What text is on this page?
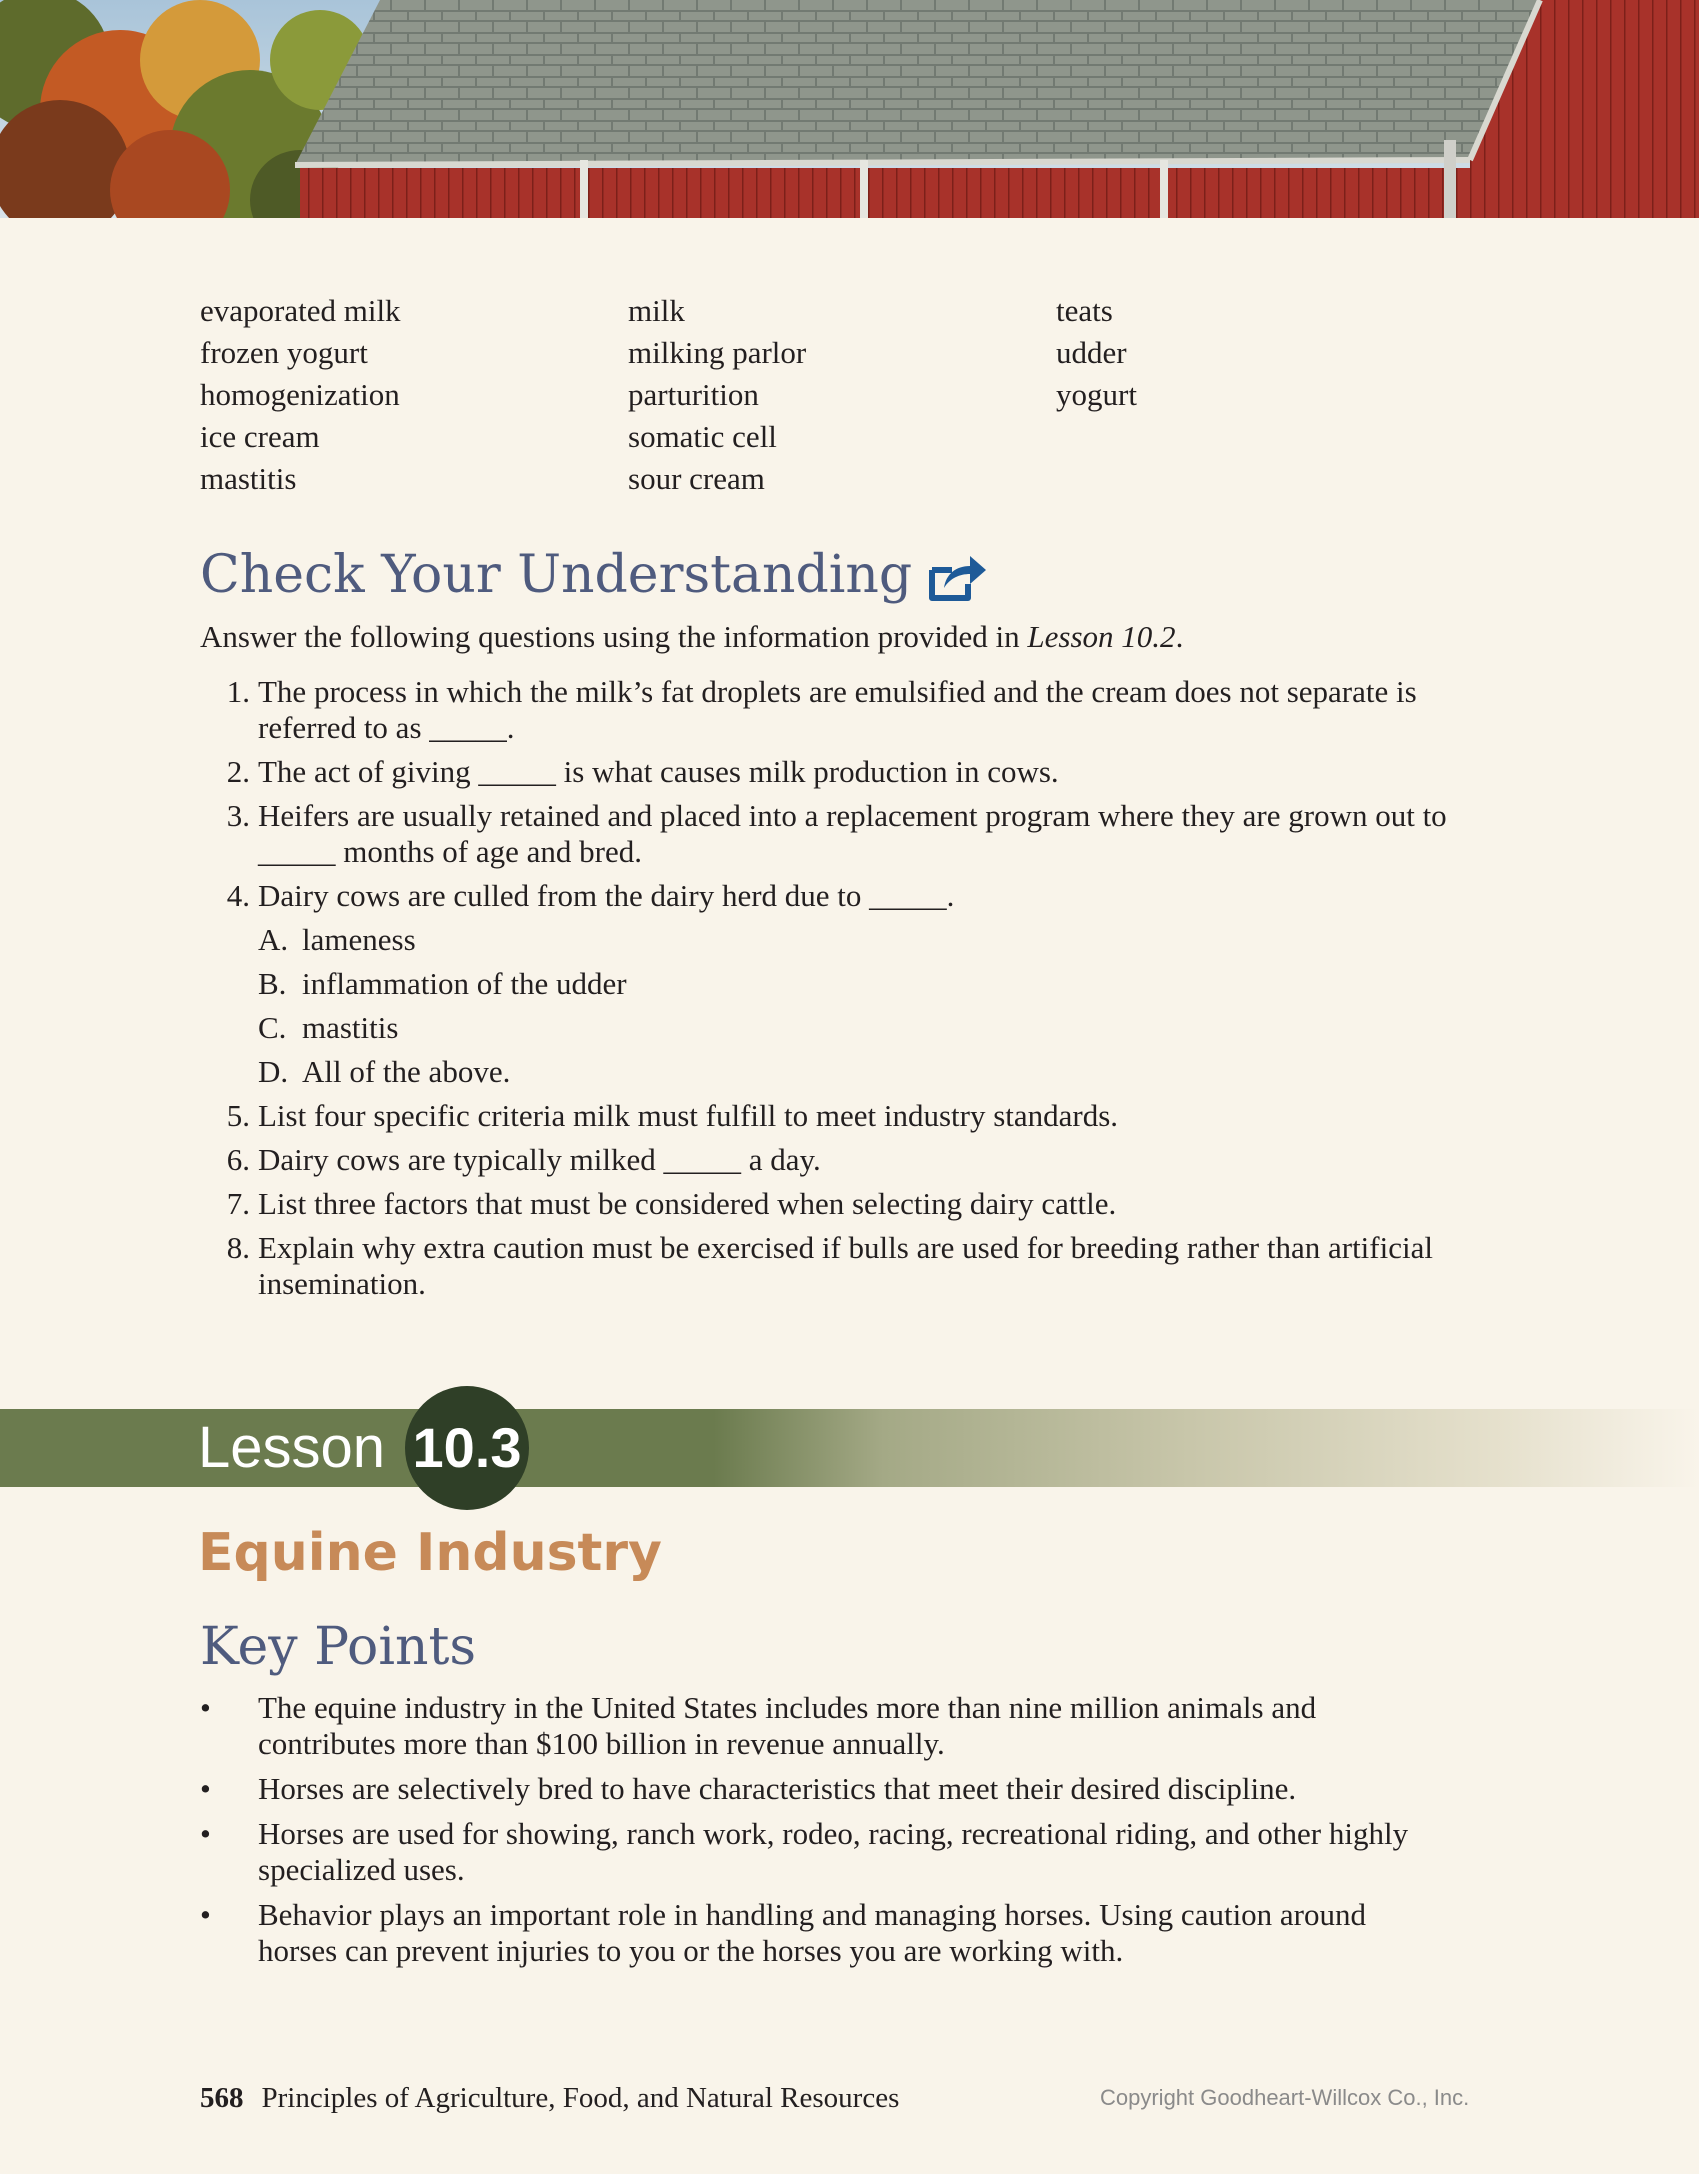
evaporated milk
frozen yogurt
homogenization
ice cream
mastitis
milk
milking parlor
parturition
somatic cell
sour cream
teats
udder
yogurt
Check Your Understanding
Answer the following questions using the information provided in Lesson 10.2.
1. The process in which the milk’s fat droplets are emulsified and the cream does not separate is referred to as _____.
2. The act of giving _____ is what causes milk production in cows.
3. Heifers are usually retained and placed into a replacement program where they are grown out to _____ months of age and bred.
4. Dairy cows are culled from the dairy herd due to _____.
A. lameness
B. inflammation of the udder
C. mastitis
D. All of the above.
5. List four specific criteria milk must fulfill to meet industry standards.
6. Dairy cows are typically milked _____ a day.
7. List three factors that must be considered when selecting dairy cattle.
8. Explain why extra caution must be exercised if bulls are used for breeding rather than artificial insemination.
Lesson 10.3
Equine Industry
Key Points
• The equine industry in the United States includes more than nine million animals and contributes more than $100 billion in revenue annually.
• Horses are selectively bred to have characteristics that meet their desired discipline.
• Horses are used for showing, ranch work, rodeo, racing, recreational riding, and other highly specialized uses.
• Behavior plays an important role in handling and managing horses. Using caution around horses can prevent injuries to you or the horses you are working with.
568 Principles of Agriculture, Food, and Natural Resources	Copyright Goodheart-Willcox Co., Inc.
